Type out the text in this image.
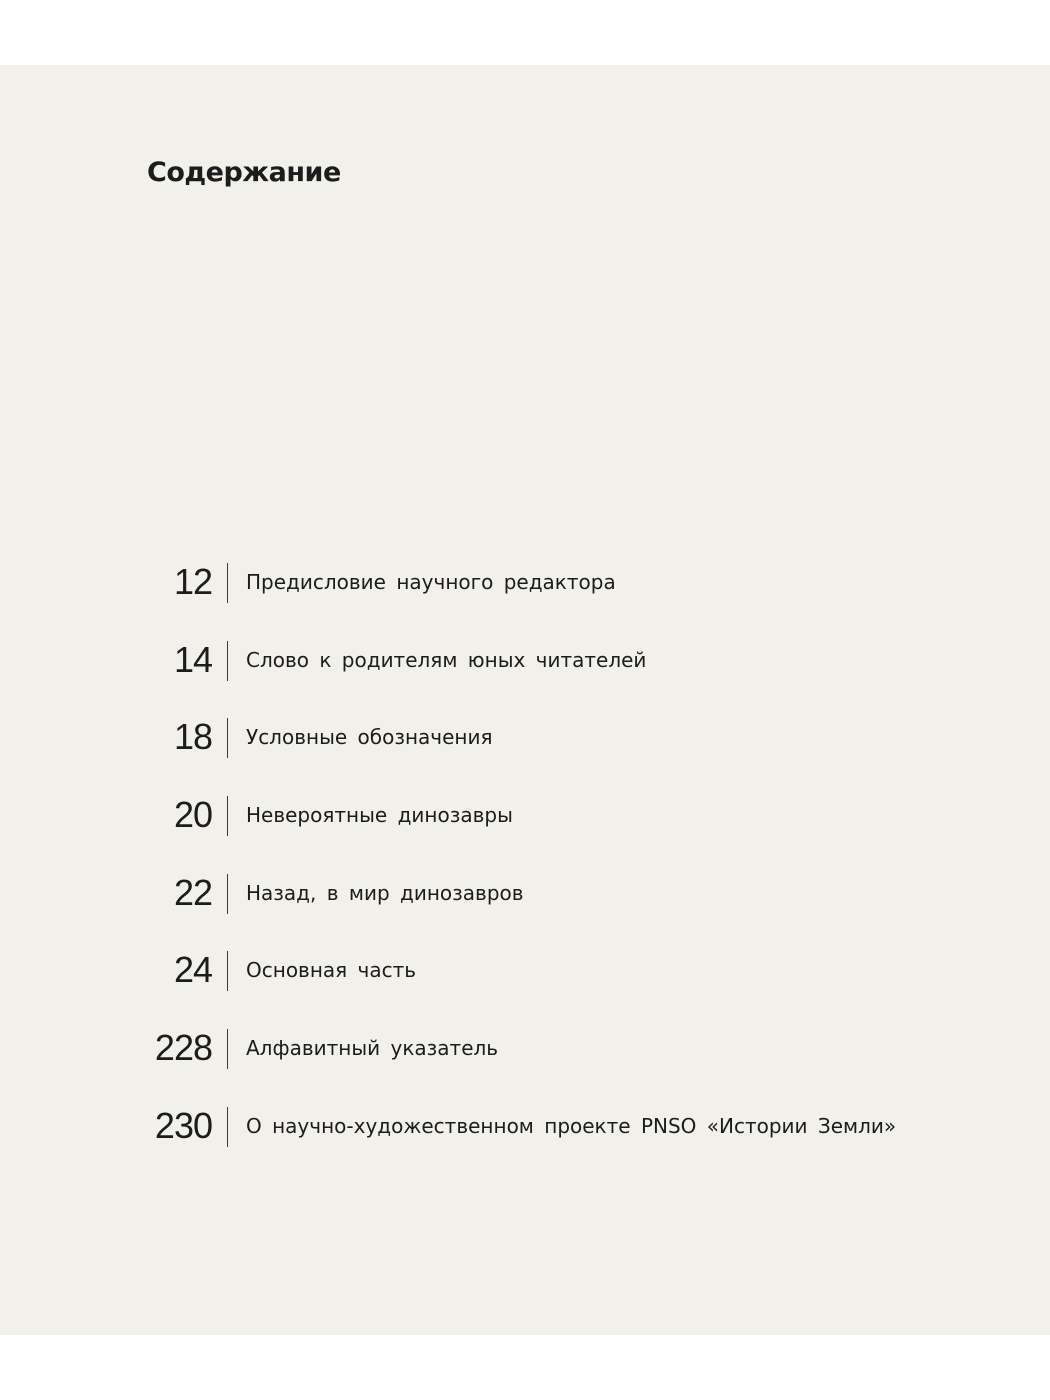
Содержание
12 Предисловие научного редактора
14 Слово к родителям юных читателей
18 Условные обозначения
20 Невероятные динозавры
22 Назад, в мир динозавров
24 Основная часть
228 Алфавитный указатель
230 О научно-художественном проекте PNSO «Истории Земли»
